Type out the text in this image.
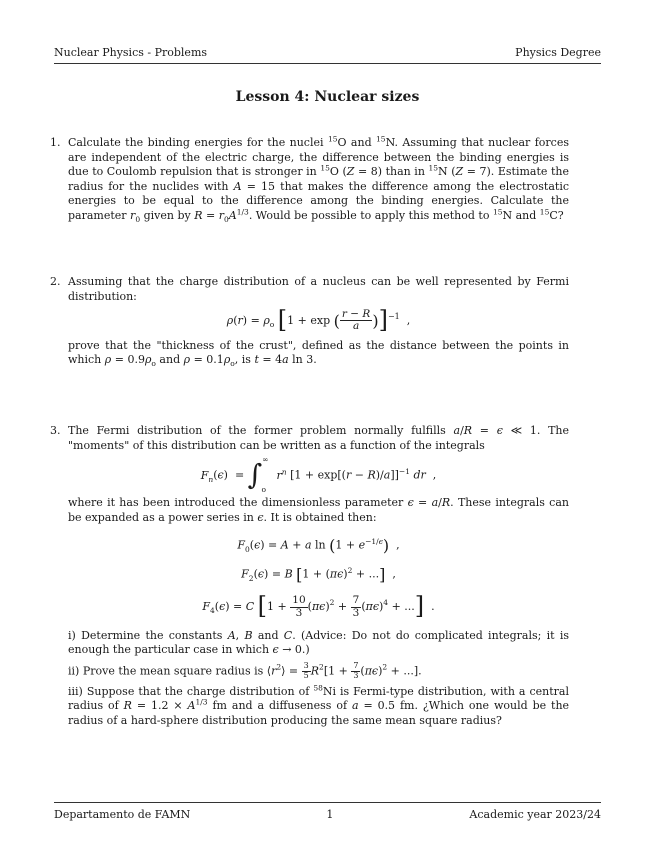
Nuclear Physics - Problems	Physics Degree
Lesson 4: Nuclear sizes
1. Calculate the binding energies for the nuclei $^{15}$O and $^{15}$N. Assuming that nuclear forces are independent of the electric charge, the difference between the binding energies is due to Coulomb repulsion that is stronger in $^{15}$O (Z = 8) than in $^{15}$N (Z = 7). Estimate the radius for the nuclides with A = 15 that makes the difference among the electrostatic energies to be equal to the difference among the binding energies. Calculate the parameter $r_0$ given by $R = r_0A^{1/3}$. Would be possible to apply this method to $^{15}$N and $^{15}$C?

2. Assuming that the charge distribution of a nucleus can be well represented by Fermi distribution:

$\rho(r) = \rho_o$ [1 + exp ( $\frac{r - R}{a} )]^{-1}$  ,

prove that the "thickness of the crust", defined as the distance between the points in which $\rho = 0.9\rho_o$ and $\rho = 0.1\rho_o$, is t = 4a ln 3.

3. The Fermi distribution of the former problem normally fulfills a/R = ϵ ≪ 1. The "moments" of this distribution can be written as a function of the integrals

$F_n(\epsilon) = \int^\infty_o$ $r^n$ $[1 + \exp[(r - R)/a]]^{-1}$ dr  ,

where it has been introduced the dimensionless parameter ϵ = a/R. These integrals can be expanded as a power series in ϵ. It is obtained then:

$F_0(\epsilon) = A + a$ $\ln (1 + e^{-1/\epsilon})$  ,
$F_2(\epsilon) = B$ [$1 + (\pi\epsilon)^2$ + ...]  ,
$F_4(\epsilon) = C$ [$1 + \frac{10}{3} (\pi\epsilon)^2 + \frac{7}{3} (\pi\epsilon)^4$ + ...]  .

i) Determine the constants A, B and C. (Advice: Do not do complicated integrals; it is enough the particular case in which ϵ → 0.)

ii) Prove the mean square radius is $⟨r^2⟩ = \frac{3}{5} R^2[1 + \frac{7}{3} (\pi\epsilon)^2$ + ...].

iii) Suppose that the charge distribution of $^{58}$Ni is Fermi-type distribution, with a central radius of $R = 1.2 \times A^{1/3}$ fm and a diffuseness of a = 0.5 fm. ¿Which one would be the radius of a hard-sphere distribution producing the same mean square radius?

Departamento de FAMN	1	Academic year 2023/24
